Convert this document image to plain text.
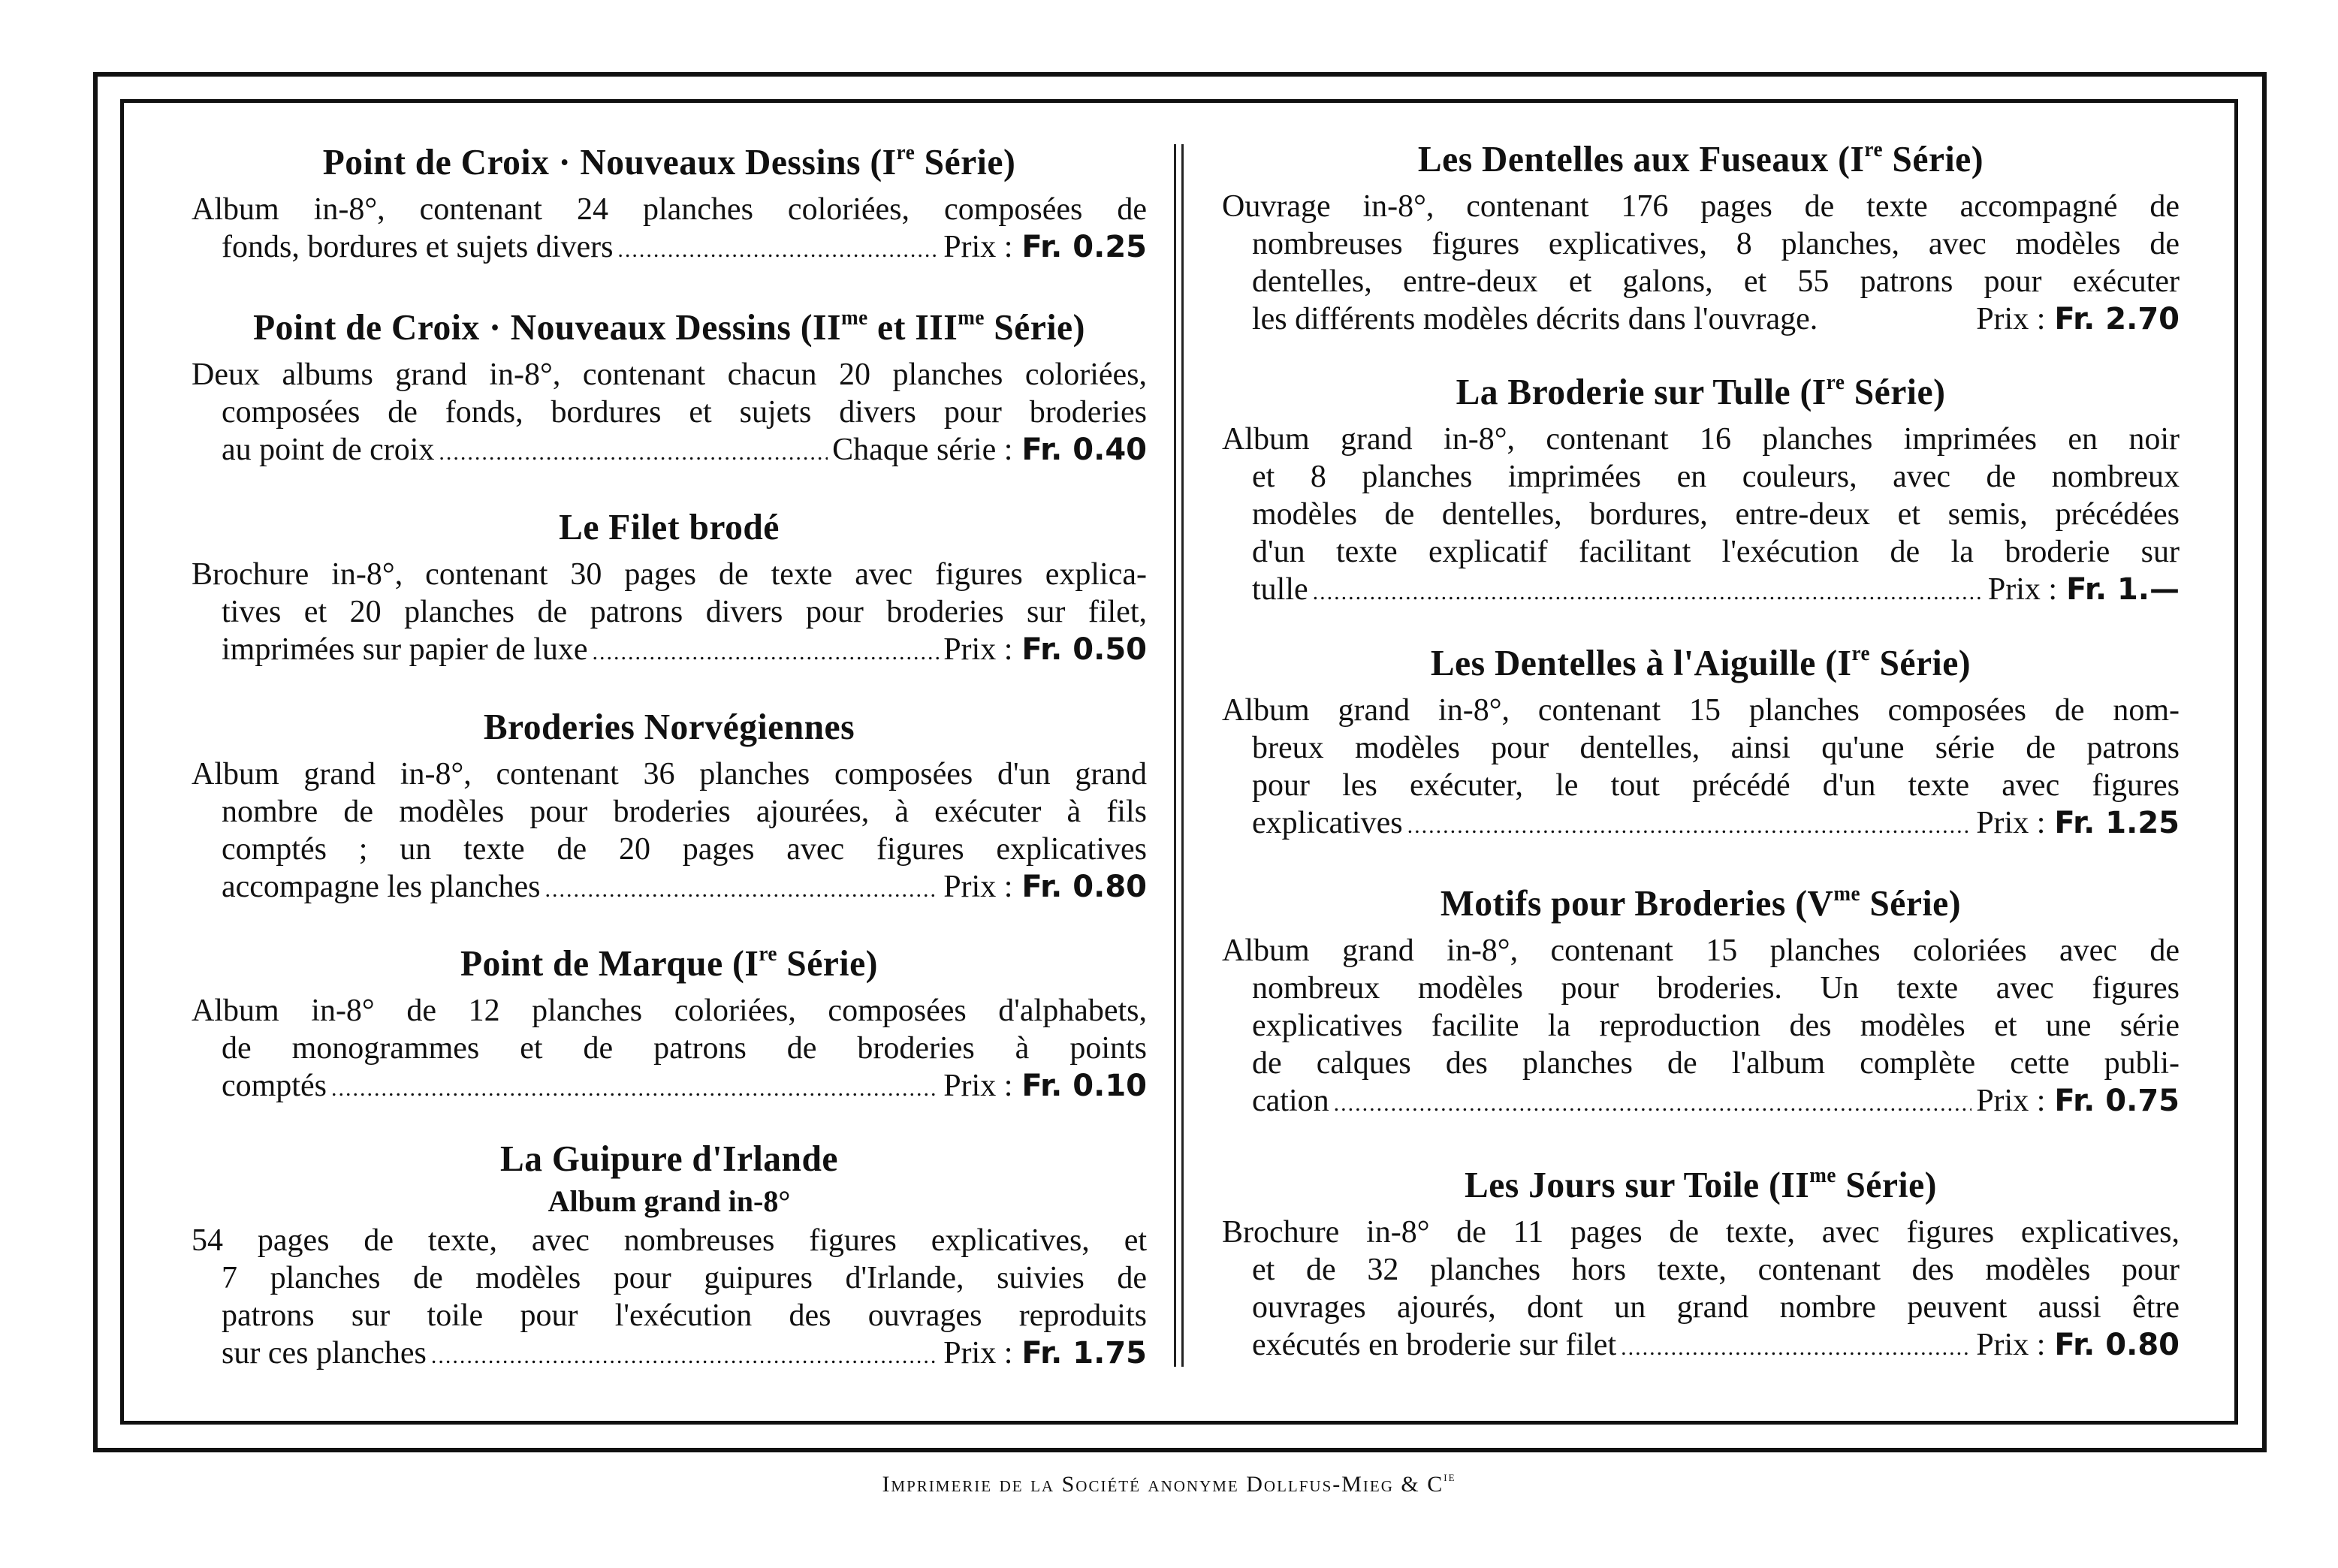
Point de Croix · Nouveaux Dessins (Ire Série)
Album in-8°, contenant 24 planches coloriées, composées de
fonds, bordures et sujets divers .....	Prix : Fr. 0.25
Point de Croix · Nouveaux Dessins ($II^{me}$ et $III^{me}$ Série)
Deux albums grand in-8°, contenant chacun 20 planches coloriées,
composées de fonds, bordures et sujets divers pour broderies
au point de croix .....	Chaque série : Fr. 0.40
Le Filet brodé
Brochure in-8°, contenant 30 pages de texte avec figures explica-
tives et 20 planches de patrons divers pour broderies sur filet,
imprimées sur papier de luxe .....	Prix : Fr. 0.50
Broderies Norvégiennes
Album grand in-8°, contenant 36 planches composées d'un grand
nombre de modèles pour broderies ajourées, à exécuter à fils
comptés ; un texte de 20 pages avec figures explicatives
accompagne les planches .....	Prix : Fr. 0.80
Point de Marque (Ire Série)
Album in-8° de 12 planches coloriées, composées d'alphabets,
de monogrammes et de patrons de broderies à points
comptés .....	Prix : Fr. 0.10
La Guipure d'Irlande
Album grand in-8°
54 pages de texte, avec nombreuses figures explicatives, et
7 planches de modèles pour guipures d'Irlande, suivies de
patrons sur toile pour l'exécution des ouvrages reproduits
sur ces planches .....	Prix : Fr. 1.75
Les Dentelles aux Fuseaux (Ire Série)
Ouvrage in-8°, contenant 176 pages de texte accompagné de
nombreuses figures explicatives, 8 planches, avec modèles de
dentelles, entre-deux et galons, et 55 patrons pour exécuter
les différents modèles décrits dans l'ouvrage.	Prix : Fr. 2.70
La Broderie sur Tulle (Ire Série)
Album grand in-8°, contenant 16 planches imprimées en noir
et 8 planches imprimées en couleurs, avec de nombreux
modèles de dentelles, bordures, entre-deux et semis, précédées
d'un texte explicatif facilitant l'exécution de la broderie sur
tulle .....	Prix : Fr. 1.—
Les Dentelles à l'Aiguille (Ire Série)
Album grand in-8°, contenant 15 planches composées de nom-
breux modèles pour dentelles, ainsi qu'une série de patrons
pour les exécuter, le tout précédé d'un texte avec figures
explicatives .....	Prix : Fr. 1.25
Motifs pour Broderies ($V^{me}$ Série)
Album grand in-8°, contenant 15 planches coloriées avec de
nombreux modèles pour broderies. Un texte avec figures
explicatives facilite la reproduction des modèles et une série
de calques des planches de l'album complète cette publi-
cation .....	Prix : Fr. 0.75
Les Jours sur Toile ($II^{me}$ Série)
Brochure in-8° de 11 pages de texte, avec figures explicatives,
et de 32 planches hors texte, contenant des modèles pour
ouvrages ajourés, dont un grand nombre peuvent aussi être
exécutés en broderie sur filet .....	Prix : Fr. 0.80
Imprimerie de la Société anonyme Dollfus-Mieg & $C^{ie}$
